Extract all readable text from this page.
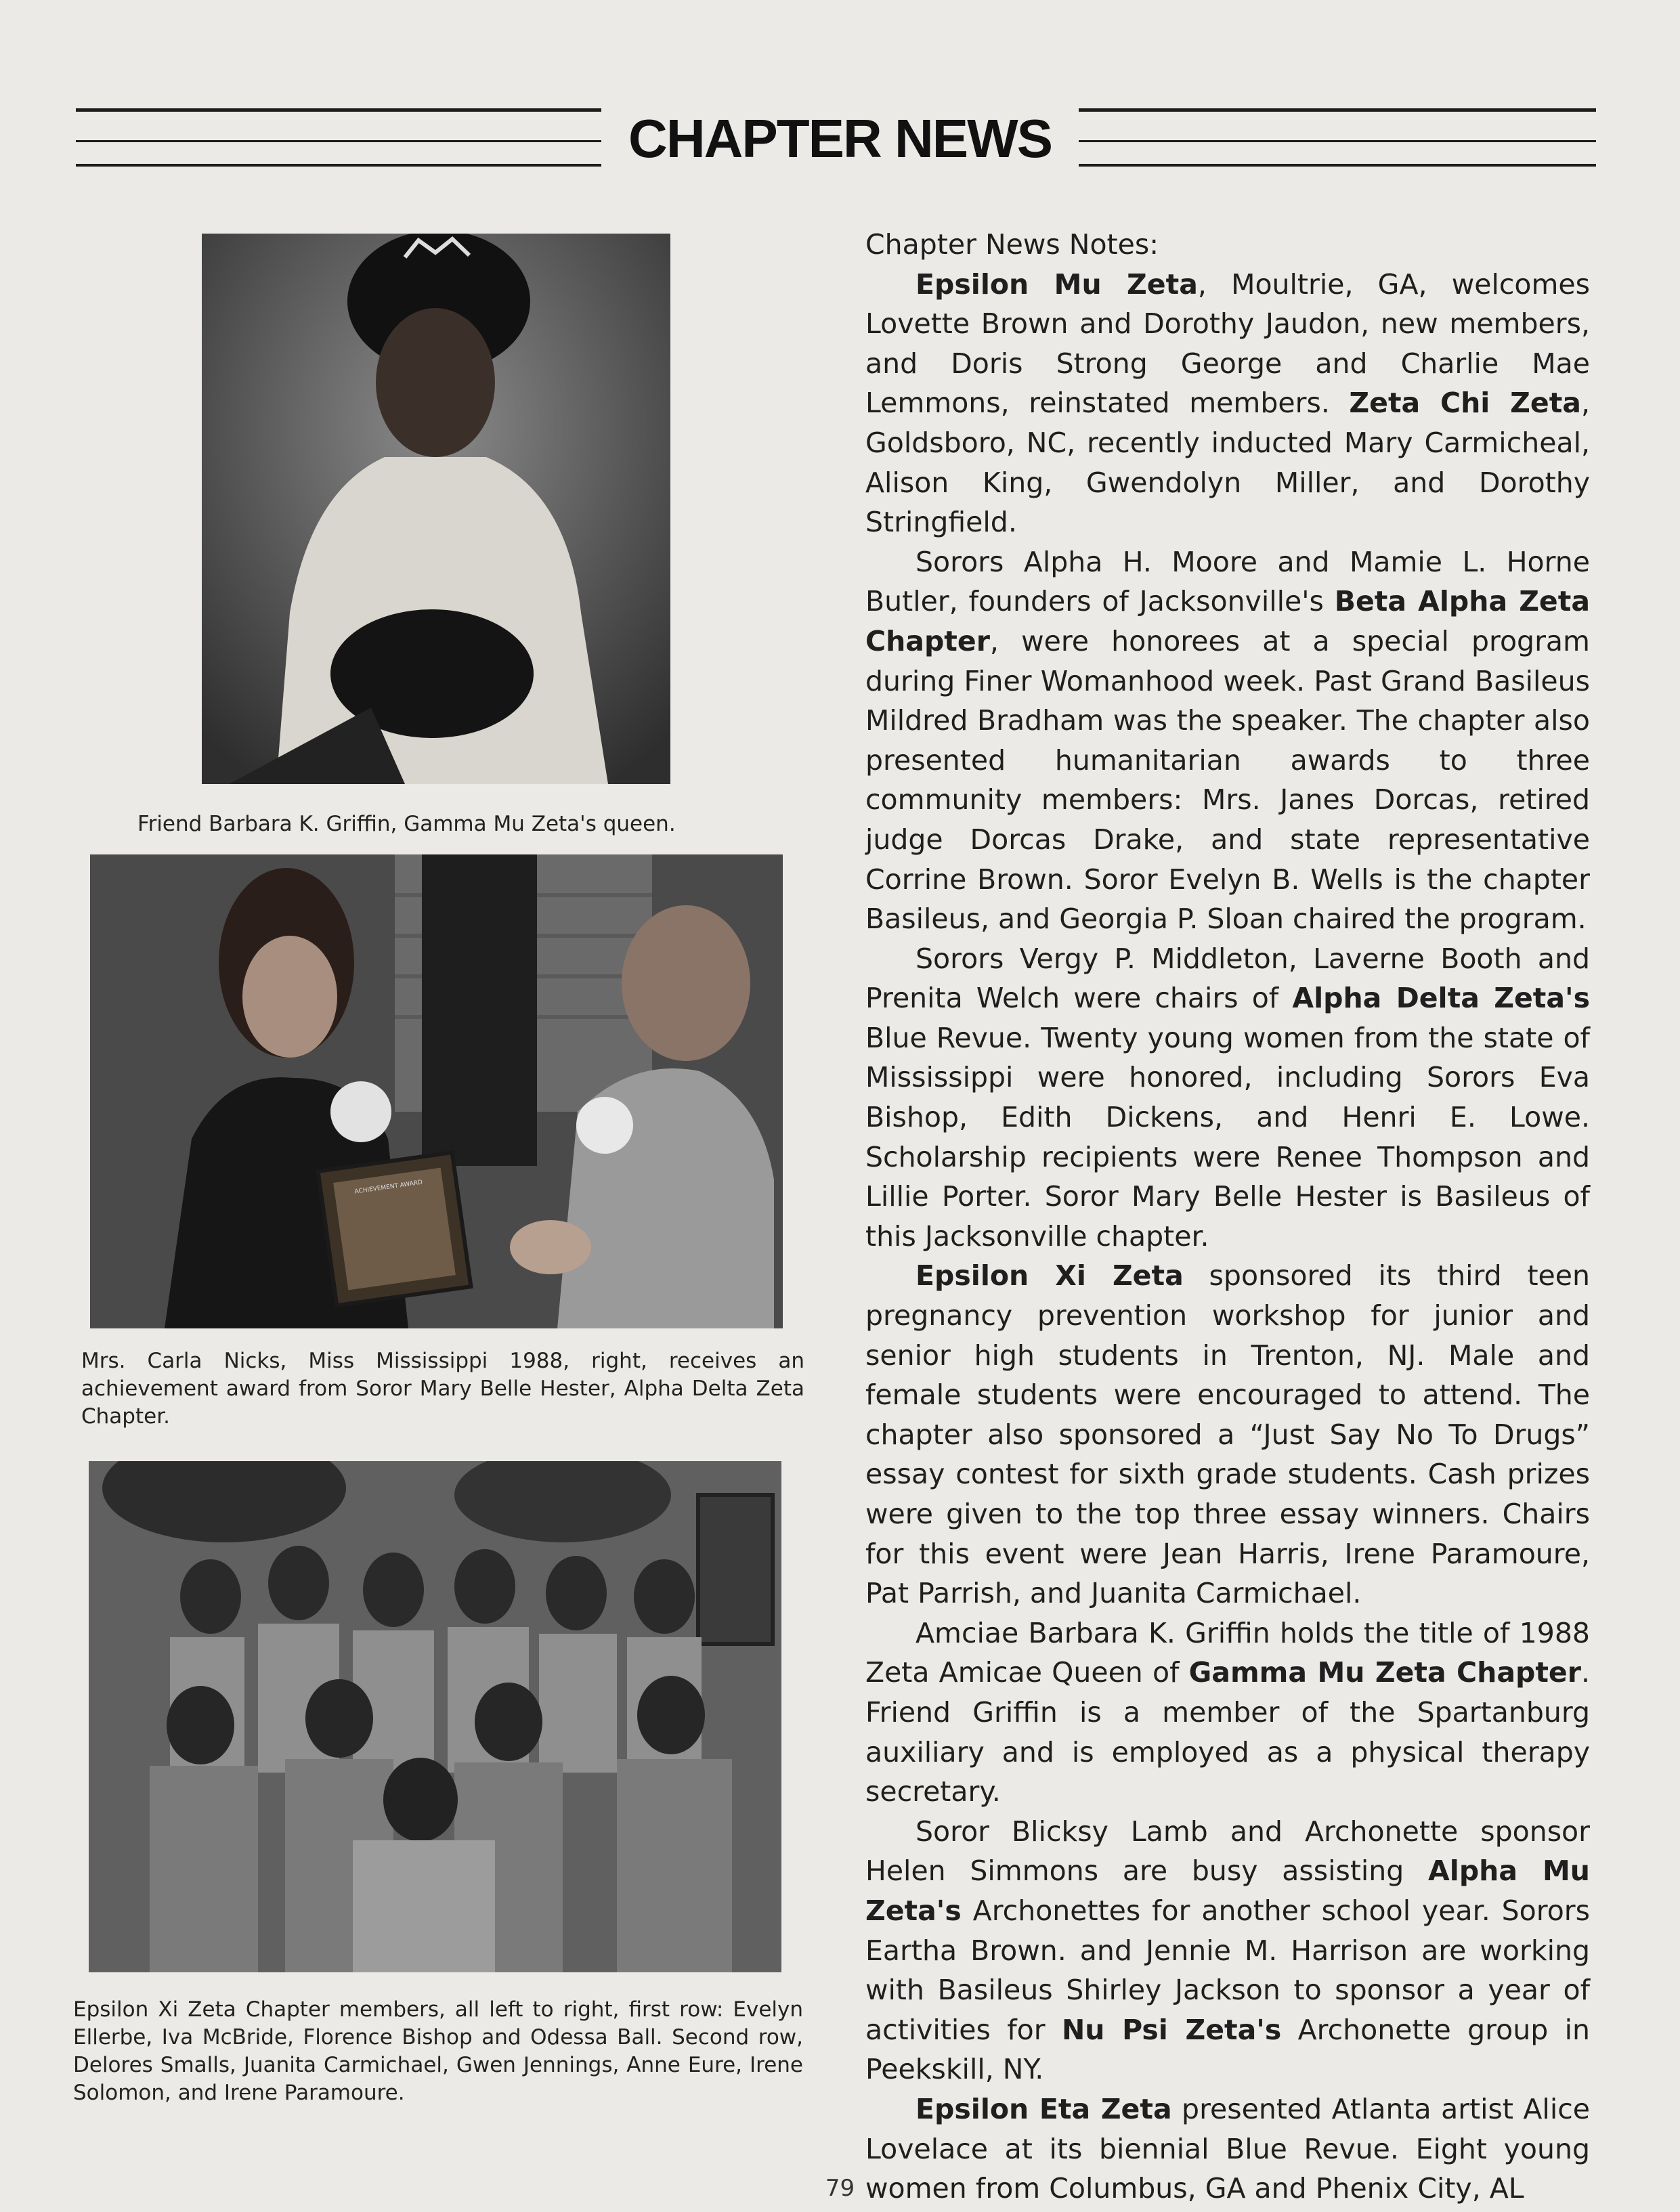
CHAPTER NEWS

Friend Barbara K. Griffin, Gamma Mu Zeta's queen.

ACHIEVEMENT AWARD

Mrs. Carla Nicks, Miss Mississippi 1988, right, receives an achievement award from Soror Mary Belle Hester, Alpha Delta Zeta Chapter.

Epsilon Xi Zeta Chapter members, all left to right, first row: Evelyn Ellerbe, Iva McBride, Florence Bishop and Odessa Ball. Second row, Delores Smalls, Juanita Carmichael, Gwen Jennings, Anne Eure, Irene Solomon, and Irene Paramoure.

Chapter News Notes:

Epsilon Mu Zeta, Moultrie, GA, welcomes Lovette Brown and Dorothy Jaudon, new members, and Doris Strong George and Charlie Mae Lemmons, reinstated members. Zeta Chi Zeta, Goldsboro, NC, recently inducted Mary Carmicheal, Alison King, Gwendolyn Miller, and Dorothy Stringfield.

Sorors Alpha H. Moore and Mamie L. Horne Butler, founders of Jacksonville's Beta Alpha Zeta Chapter, were honorees at a special program during Finer Womanhood week. Past Grand Basileus Mildred Bradham was the speaker. The chapter also presented humanitarian awards to three community members: Mrs. Janes Dorcas, retired judge Dorcas Drake, and state representative Corrine Brown. Soror Evelyn B. Wells is the chapter Basileus, and Georgia P. Sloan chaired the program.

Sorors Vergy P. Middleton, Laverne Booth and Prenita Welch were chairs of Alpha Delta Zeta's Blue Revue. Twenty young women from the state of Mississippi were honored, including Sorors Eva Bishop, Edith Dickens, and Henri E. Lowe. Scholarship recipients were Renee Thompson and Lillie Porter. Soror Mary Belle Hester is Basileus of this Jacksonville chapter.

Epsilon Xi Zeta sponsored its third teen pregnancy prevention workshop for junior and senior high students in Trenton, NJ. Male and female students were encouraged to attend. The chapter also sponsored a “Just Say No To Drugs” essay contest for sixth grade students. Cash prizes were given to the top three essay winners. Chairs for this event were Jean Harris, Irene Paramoure, Pat Parrish, and Juanita Carmichael.

Amciae Barbara K. Griffin holds the title of 1988 Zeta Amicae Queen of Gamma Mu Zeta Chapter. Friend Griffin is a member of the Spartanburg auxiliary and is employed as a physical therapy secretary.

Soror Blicksy Lamb and Archonette sponsor Helen Simmons are busy assisting Alpha Mu Zeta's Archonettes for another school year. Sorors Eartha Brown. and Jennie M. Harrison are working with Basileus Shirley Jackson to sponsor a year of activities for Nu Psi Zeta's Archonette group in Peekskill, NY.

Epsilon Eta Zeta presented Atlanta artist Alice Lovelace at its biennial Blue Revue. Eight young women from Columbus, GA and Phenix City, AL

79
